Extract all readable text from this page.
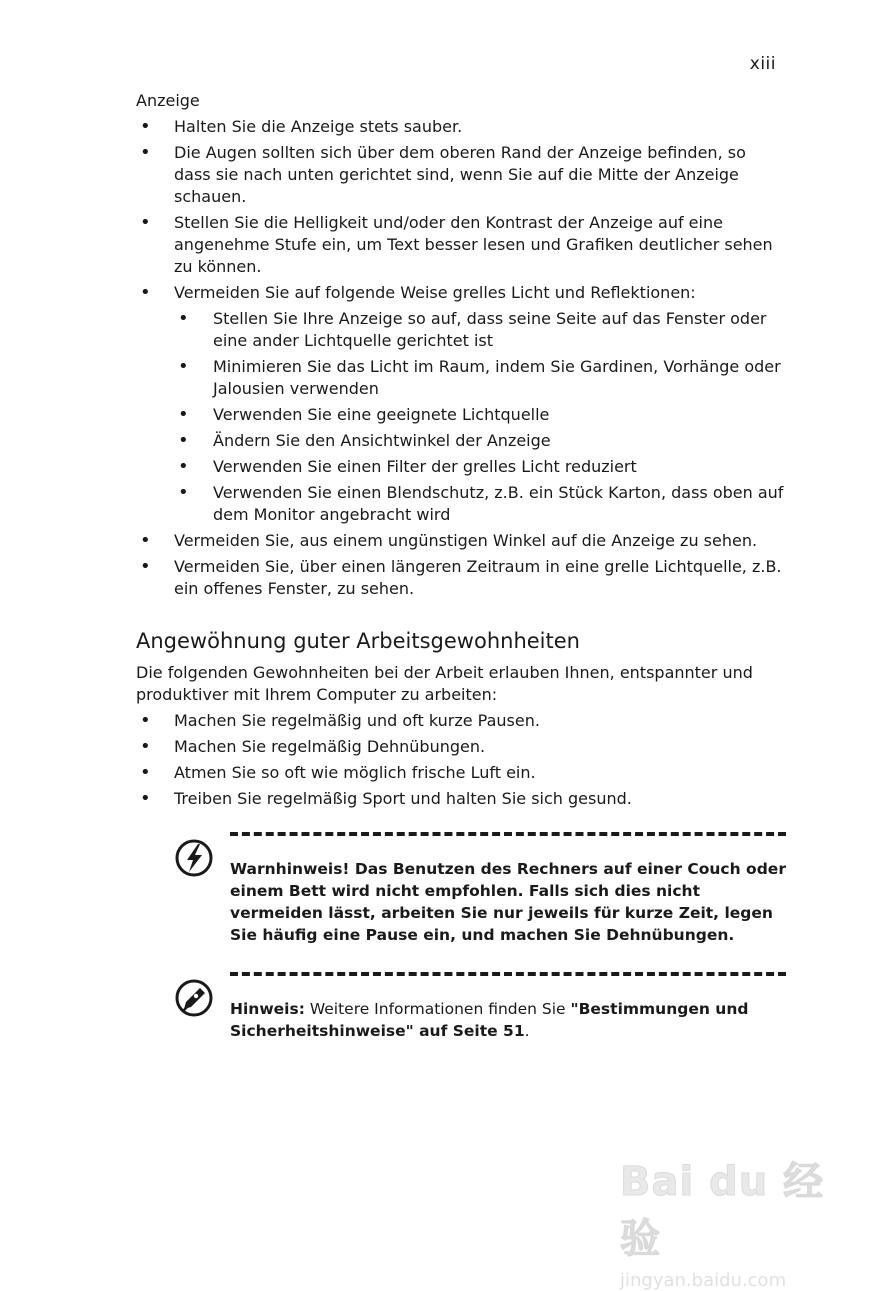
xiii
Anzeige
• Halten Sie die Anzeige stets sauber.
• Die Augen sollten sich über dem oberen Rand der Anzeige befinden, so dass sie nach unten gerichtet sind, wenn Sie auf die Mitte der Anzeige schauen.
• Stellen Sie die Helligkeit und/oder den Kontrast der Anzeige auf eine angenehme Stufe ein, um Text besser lesen und Grafiken deutlicher sehen zu können.
• Vermeiden Sie auf folgende Weise grelles Licht und Reflektionen:
• Stellen Sie Ihre Anzeige so auf, dass seine Seite auf das Fenster oder eine ander Lichtquelle gerichtet ist
• Minimieren Sie das Licht im Raum, indem Sie Gardinen, Vorhänge oder Jalousien verwenden
• Verwenden Sie eine geeignete Lichtquelle
• Ändern Sie den Ansichtwinkel der Anzeige
• Verwenden Sie einen Filter der grelles Licht reduziert
• Verwenden Sie einen Blendschutz, z.B. ein Stück Karton, dass oben auf dem Monitor angebracht wird
• Vermeiden Sie, aus einem ungünstigen Winkel auf die Anzeige zu sehen.
• Vermeiden Sie, über einen längeren Zeitraum in eine grelle Lichtquelle, z.B. ein offenes Fenster, zu sehen.
Angewöhnung guter Arbeitsgewohnheiten
Die folgenden Gewohnheiten bei der Arbeit erlauben Ihnen, entspannter und produktiver mit Ihrem Computer zu arbeiten:
• Machen Sie regelmäßig und oft kurze Pausen.
• Machen Sie regelmäßig Dehnübungen.
• Atmen Sie so oft wie möglich frische Luft ein.
• Treiben Sie regelmäßig Sport und halten Sie sich gesund.
Warnhinweis! Das Benutzen des Rechners auf einer Couch oder einem Bett wird nicht empfohlen. Falls sich dies nicht vermeiden lässt, arbeiten Sie nur jeweils für kurze Zeit, legen Sie häufig eine Pause ein, und machen Sie Dehnübungen.
Hinweis: Weitere Informationen finden Sie "Bestimmungen und Sicherheitshinweise" auf Seite 51.
Bai du 经验
jingyan.baidu.com
